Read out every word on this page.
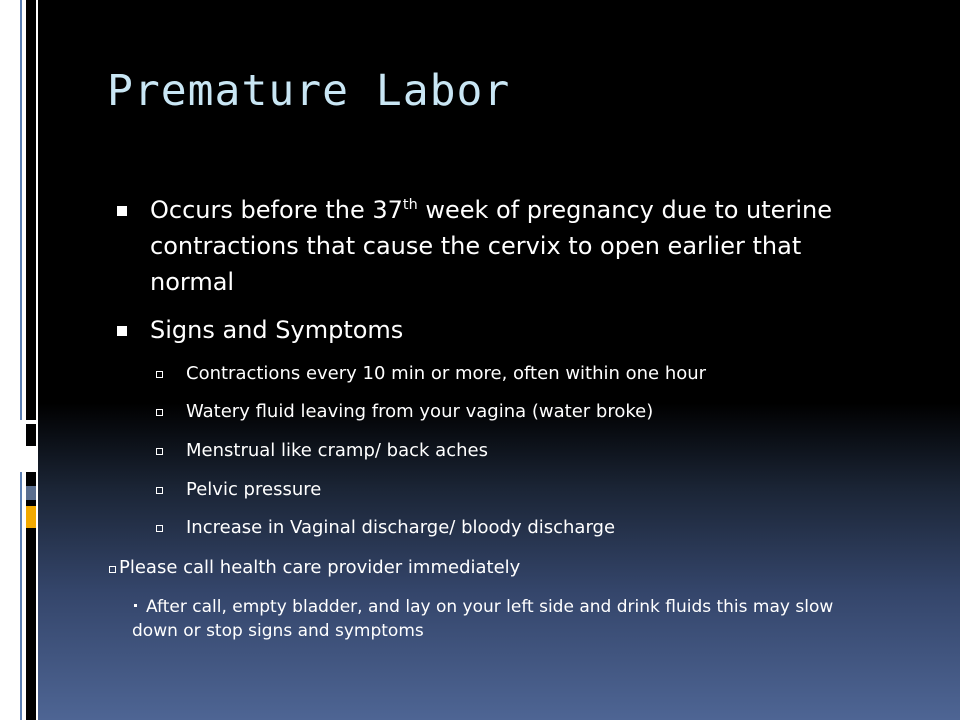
Premature Labor
Occurs before the 37th week of pregnancy due to uterine contractions that cause the cervix to open earlier that normal
Signs and Symptoms
Contractions every 10 min or more, often within one hour
Watery fluid leaving from your vagina (water broke)
Menstrual like cramp/ back aches
Pelvic pressure
Increase in Vaginal discharge/ bloody discharge
Please call health care provider immediately
After call, empty bladder, and lay on your left side and drink fluids this may slow down or stop signs and symptoms
